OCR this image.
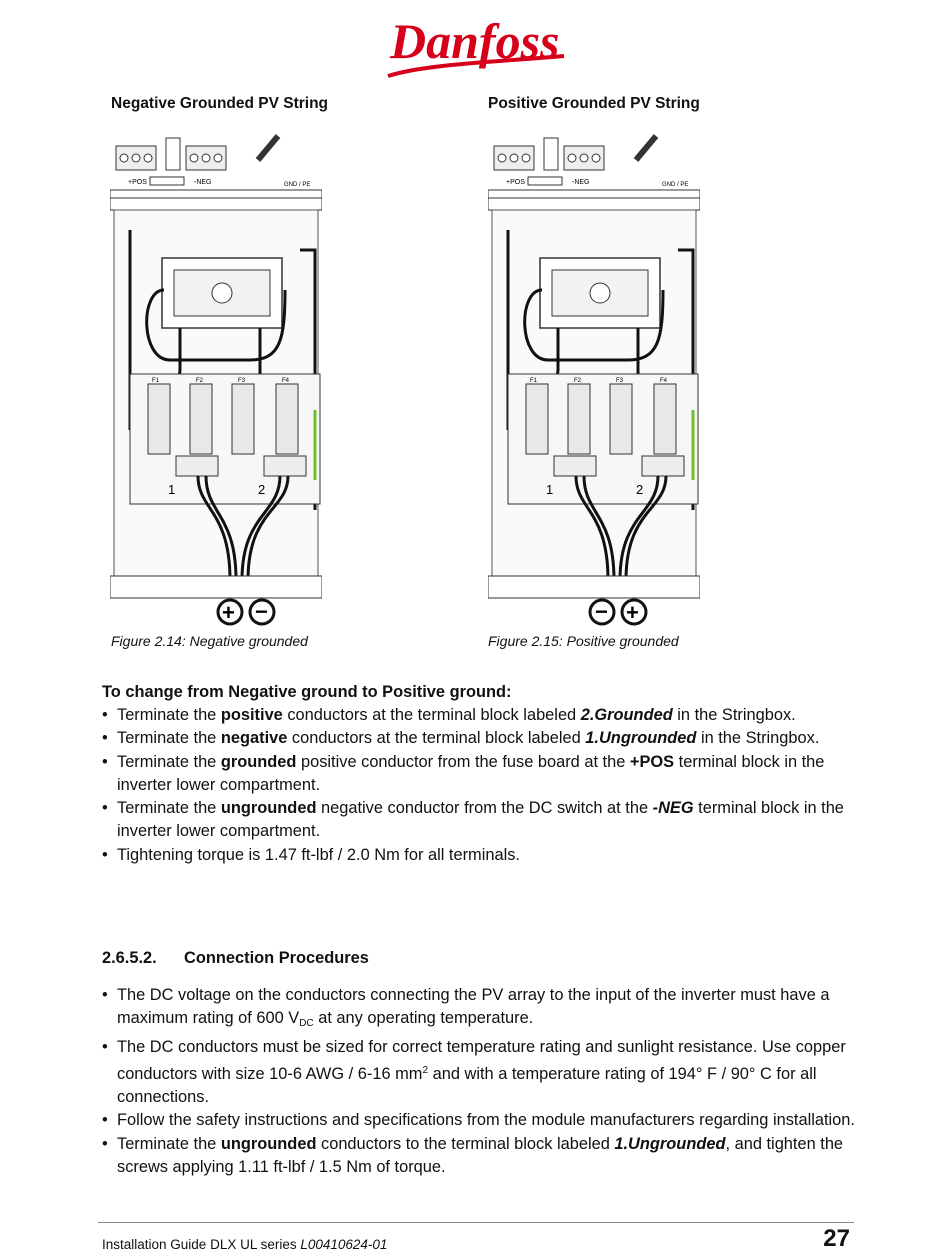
Danfoss
Negative Grounded PV String	Positive Grounded PV String
+POS	-NEG	GND / PE
F1	F2	F3	F4
1	2
+ −
+POS	-NEG	GND / PE
F1	F2	F3	F4
1	2
− +
Figure 2.14: Negative grounded	Figure 2.15: Positive grounded
To change from Negative ground to Positive ground:
• Terminate the positive conductors at the terminal block labeled 2.Grounded in the Stringbox.
• Terminate the negative conductors at the terminal block labeled 1.Ungrounded in the Stringbox.
• Terminate the grounded positive conductor from the fuse board at the +POS terminal block in the inverter lower compartment.
• Terminate the ungrounded negative conductor from the DC switch at the -NEG terminal block in the inverter lower compartment.
• Tightening torque is 1.47 ft-lbf / 2.0 Nm for all terminals.
2.6.5.2. Connection Procedures
• The DC voltage on the conductors connecting the PV array to the input of the inverter must have a maximum rating of 600 $V_{DC}$ at any operating temperature.
• The DC conductors must be sized for correct temperature rating and sunlight resistance. Use copper conductors with size 10-6 AWG / 6-16 $mm^2$ and with a temperature rating of 194° F / 90° C for all connections.
• Follow the safety instructions and specifications from the module manufacturers regarding installation.
• Terminate the ungrounded conductors to the terminal block labeled 1.Ungrounded, and tighten the screws applying 1.11 ft-lbf / 1.5 Nm of torque.
Installation Guide DLX UL series L00410624-01	27
